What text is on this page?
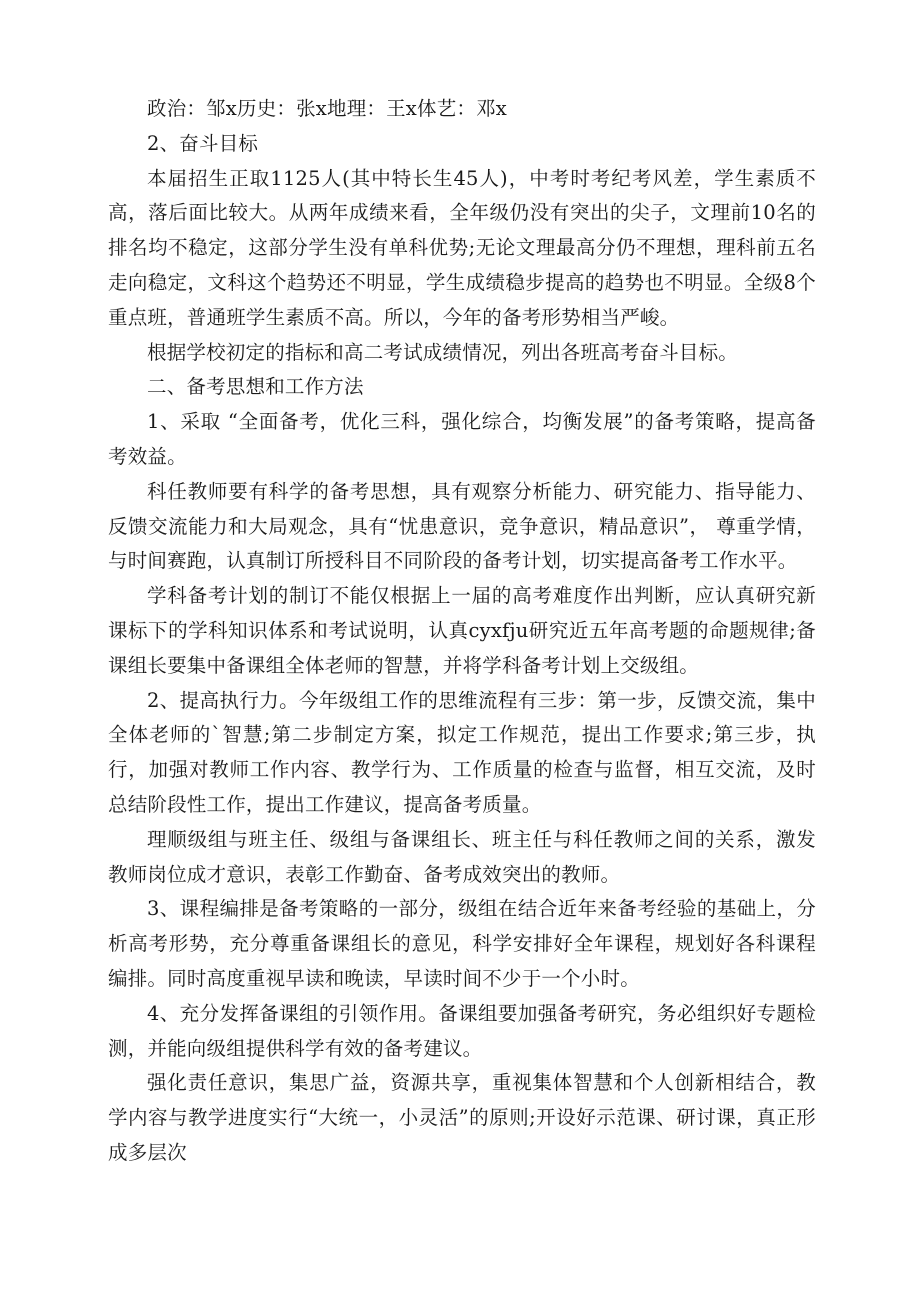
政治：邹x历史：张x地理：王x体艺：邓x

2、奋斗目标

本届招生正取1125人(其中特长生45人)，中考时考纪考风差，学生素质不高，落后面比较大。从两年成绩来看，全年级仍没有突出的尖子，文理前10名的排名均不稳定，这部分学生没有单科优势;无论文理最高分仍不理想，理科前五名走向稳定，文科这个趋势还不明显，学生成绩稳步提高的趋势也不明显。全级8个重点班，普通班学生素质不高。所以，今年的备考形势相当严峻。

根据学校初定的指标和高二考试成绩情况，列出各班高考奋斗目标。

二、备考思想和工作方法

1、采取 “全面备考，优化三科，强化综合，均衡发展”的备考策略，提高备考效益。

科任教师要有科学的备考思想，具有观察分析能力、研究能力、指导能力、反馈交流能力和大局观念，具有“忧患意识，竞争意识，精品意识”， 尊重学情，与时间赛跑，认真制订所授科目不同阶段的备考计划，切实提高备考工作水平。

学科备考计划的制订不能仅根据上一届的高考难度作出判断，应认真研究新课标下的学科知识体系和考试说明，认真cyxfju研究近五年高考题的命题规律;备课组长要集中备课组全体老师的智慧，并将学科备考计划上交级组。

2、提高执行力。今年级组工作的思维流程有三步：第一步，反馈交流，集中全体老师的`智慧;第二步制定方案，拟定工作规范，提出工作要求;第三步，执行，加强对教师工作内容、教学行为、工作质量的检查与监督，相互交流，及时总结阶段性工作，提出工作建议，提高备考质量。

理顺级组与班主任、级组与备课组长、班主任与科任教师之间的关系，激发教师岗位成才意识，表彰工作勤奋、备考成效突出的教师。

3、课程编排是备考策略的一部分，级组在结合近年来备考经验的基础上，分析高考形势，充分尊重备课组长的意见，科学安排好全年课程，规划好各科课程编排。同时高度重视早读和晚读，早读时间不少于一个小时。

4、充分发挥备课组的引领作用。备课组要加强备考研究，务必组织好专题检测，并能向级组提供科学有效的备考建议。

强化责任意识，集思广益，资源共享，重视集体智慧和个人创新相结合，教学内容与教学进度实行“大统一，小灵活”的原则;开设好示范课、研讨课，真正形成多层次
